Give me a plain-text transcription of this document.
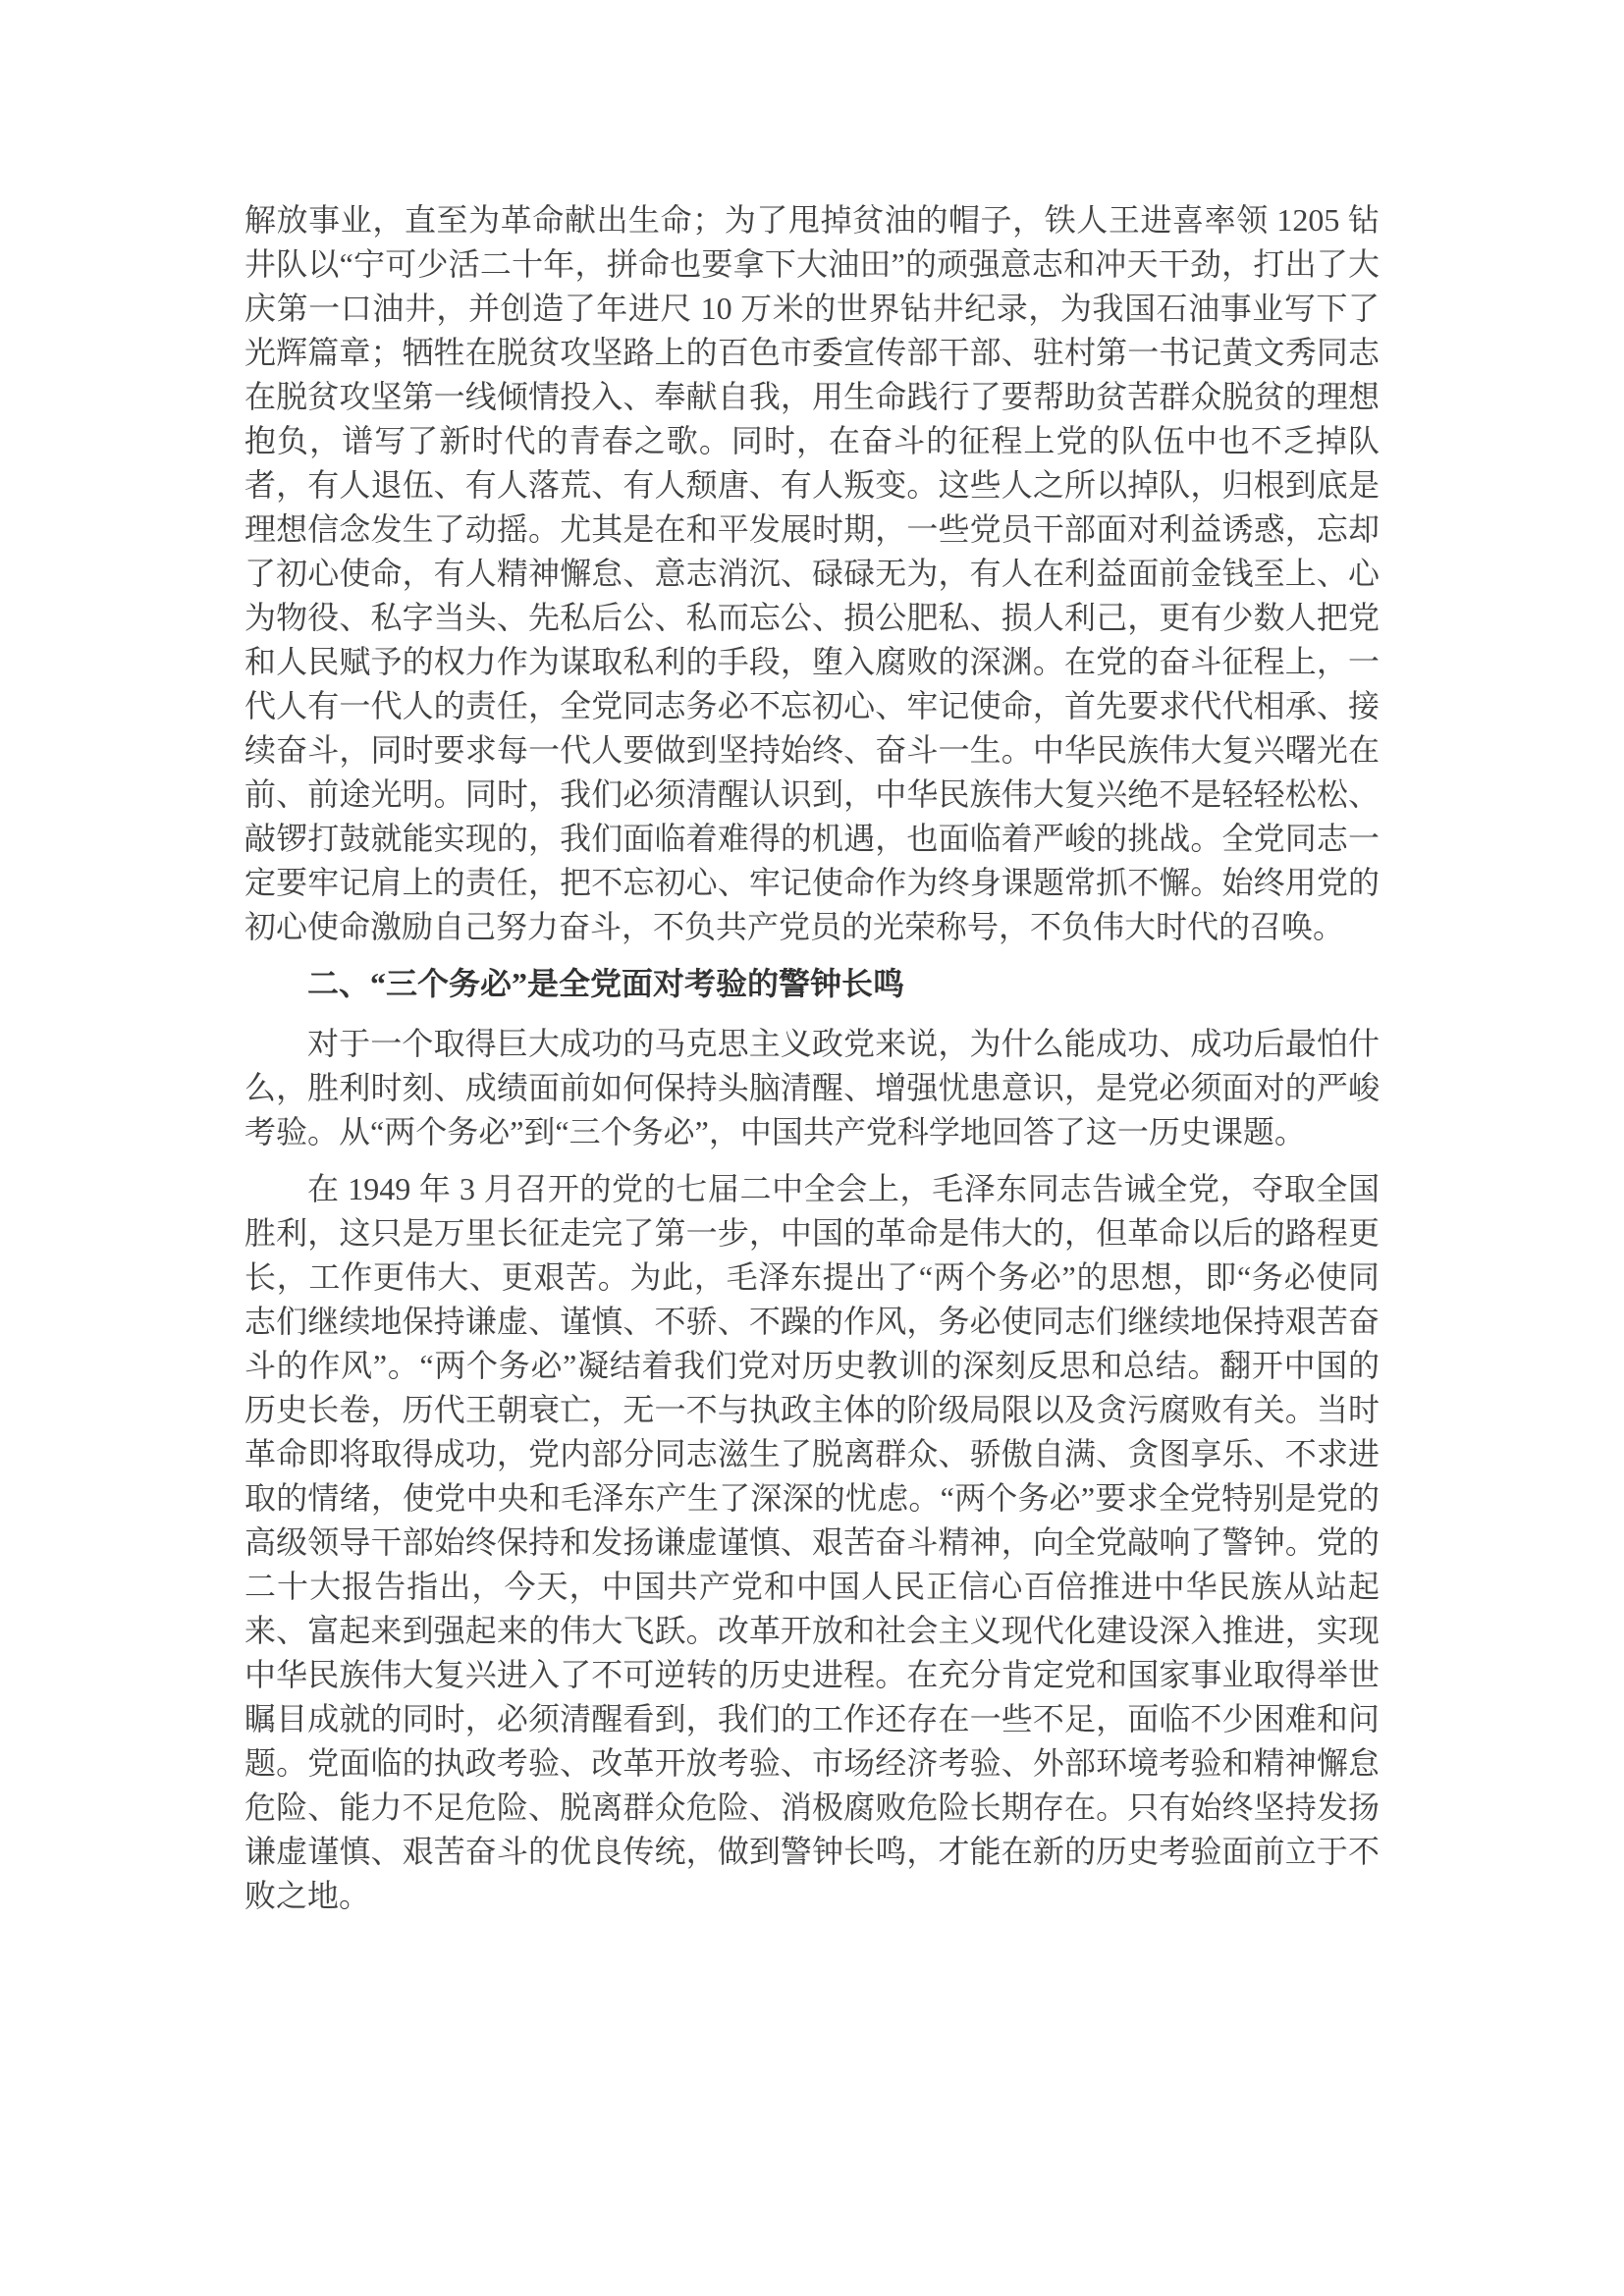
解放事业，直至为革命献出生命；为了甩掉贫油的帽子，铁人王进喜率领 1205 钻井队以“宁可少活二十年，拼命也要拿下大油田”的顽强意志和冲天干劲，打出了大庆第一口油井，并创造了年进尺 10 万米的世界钻井纪录，为我国石油事业写下了光辉篇章；牺牲在脱贫攻坚路上的百色市委宣传部干部、驻村第一书记黄文秀同志在脱贫攻坚第一线倾情投入、奉献自我，用生命践行了要帮助贫苦群众脱贫的理想抱负，谱写了新时代的青春之歌。同时，在奋斗的征程上党的队伍中也不乏掉队者，有人退伍、有人落荒、有人颓唐、有人叛变。这些人之所以掉队，归根到底是理想信念发生了动摇。尤其是在和平发展时期，一些党员干部面对利益诱惑，忘却了初心使命，有人精神懈怠、意志消沉、碌碌无为，有人在利益面前金钱至上、心为物役、私字当头、先私后公、私而忘公、损公肥私、损人利己，更有少数人把党和人民赋予的权力作为谋取私利的手段，堕入腐败的深渊。在党的奋斗征程上，一代人有一代人的责任，全党同志务必不忘初心、牢记使命，首先要求代代相承、接续奋斗，同时要求每一代人要做到坚持始终、奋斗一生。中华民族伟大复兴曙光在前、前途光明。同时，我们必须清醒认识到，中华民族伟大复兴绝不是轻轻松松、敲锣打鼓就能实现的，我们面临着难得的机遇，也面临着严峻的挑战。全党同志一定要牢记肩上的责任，把不忘初心、牢记使命作为终身课题常抓不懈。始终用党的初心使命激励自己努力奋斗，不负共产党员的光荣称号，不负伟大时代的召唤。

二、“三个务必”是全党面对考验的警钟长鸣

对于一个取得巨大成功的马克思主义政党来说，为什么能成功、成功后最怕什么，胜利时刻、成绩面前如何保持头脑清醒、增强忧患意识，是党必须面对的严峻考验。从“两个务必”到“三个务必”，中国共产党科学地回答了这一历史课题。

在 1949 年 3 月召开的党的七届二中全会上，毛泽东同志告诫全党，夺取全国胜利，这只是万里长征走完了第一步，中国的革命是伟大的，但革命以后的路程更长，工作更伟大、更艰苦。为此，毛泽东提出了“两个务必”的思想，即“务必使同志们继续地保持谦虚、谨慎、不骄、不躁的作风，务必使同志们继续地保持艰苦奋斗的作风”。“两个务必”凝结着我们党对历史教训的深刻反思和总结。翻开中国的历史长卷，历代王朝衰亡，无一不与执政主体的阶级局限以及贪污腐败有关。当时革命即将取得成功，党内部分同志滋生了脱离群众、骄傲自满、贪图享乐、不求进取的情绪，使党中央和毛泽东产生了深深的忧虑。“两个务必”要求全党特别是党的高级领导干部始终保持和发扬谦虚谨慎、艰苦奋斗精神，向全党敲响了警钟。党的二十大报告指出，今天，中国共产党和中国人民正信心百倍推进中华民族从站起来、富起来到强起来的伟大飞跃。改革开放和社会主义现代化建设深入推进，实现中华民族伟大复兴进入了不可逆转的历史进程。在充分肯定党和国家事业取得举世瞩目成就的同时，必须清醒看到，我们的工作还存在一些不足，面临不少困难和问题。党面临的执政考验、改革开放考验、市场经济考验、外部环境考验和精神懈怠危险、能力不足危险、脱离群众危险、消极腐败危险长期存在。只有始终坚持发扬谦虚谨慎、艰苦奋斗的优良传统，做到警钟长鸣，才能在新的历史考验面前立于不败之地。
